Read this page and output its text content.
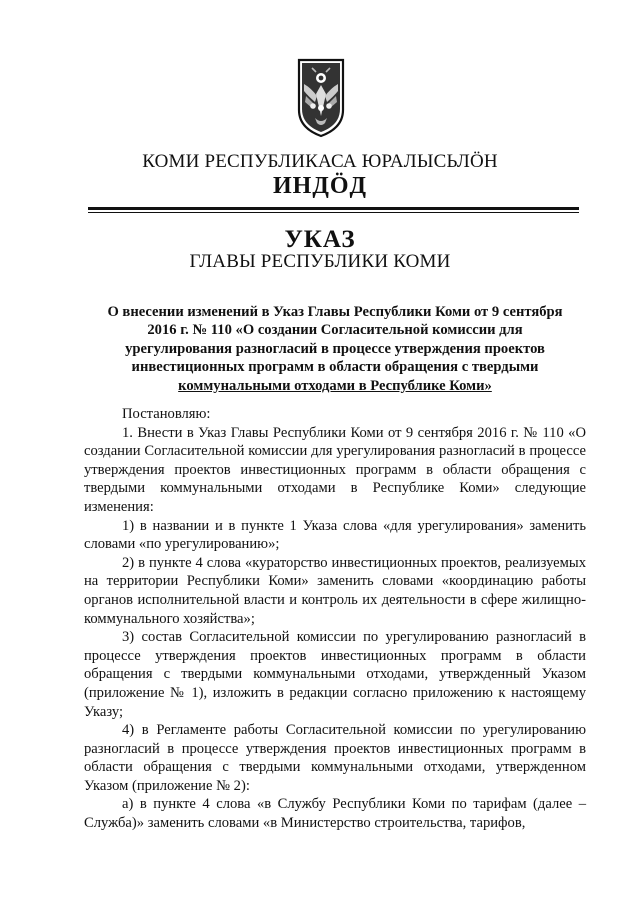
КОМИ РЕСПУБЛИКАСА ЮРАЛЫСЬЛӦН
ИНДӦД
УКАЗ
ГЛАВЫ РЕСПУБЛИКИ КОМИ
О внесении изменений в Указ Главы Республики Коми от 9 сентября
2016 г. № 110 «О создании Согласительной комиссии для
урегулирования разногласий в процессе утверждения проектов
инвестиционных программ в области обращения с твердыми
коммунальными отходами в Республике Коми»

Постановляю:

1. Внести в Указ Главы Республики Коми от 9 сентября 2016 г. № 110 «О создании Согласительной комиссии для урегулирования разногласий в процессе утверждения проектов инвестиционных программ в области обращения с твердыми коммунальными отходами в Республике Коми» следующие изменения:

1) в названии и в пункте 1 Указа слова «для урегулирования» заменить словами «по урегулированию»;

2) в пункте 4 слова «кураторство инвестиционных проектов, реализуемых на территории Республики Коми» заменить словами «координацию работы органов исполнительной власти и контроль их деятельности в сфере жилищно-коммунального хозяйства»;

3) состав Согласительной комиссии по урегулированию разногласий в процессе утверждения проектов инвестиционных программ в области обращения с твердыми коммунальными отходами, утвержденный Указом (приложение № 1), изложить в редакции согласно приложению к настоящему Указу;

4) в Регламенте работы Согласительной комиссии по урегулированию разногласий в процессе утверждения проектов инвестиционных программ в области обращения с твердыми коммунальными отходами, утвержденном Указом (приложение № 2):

а) в пункте 4 слова «в Службу Республики Коми по тарифам (далее – Служба)» заменить словами «в Министерство строительства, тарифов,
